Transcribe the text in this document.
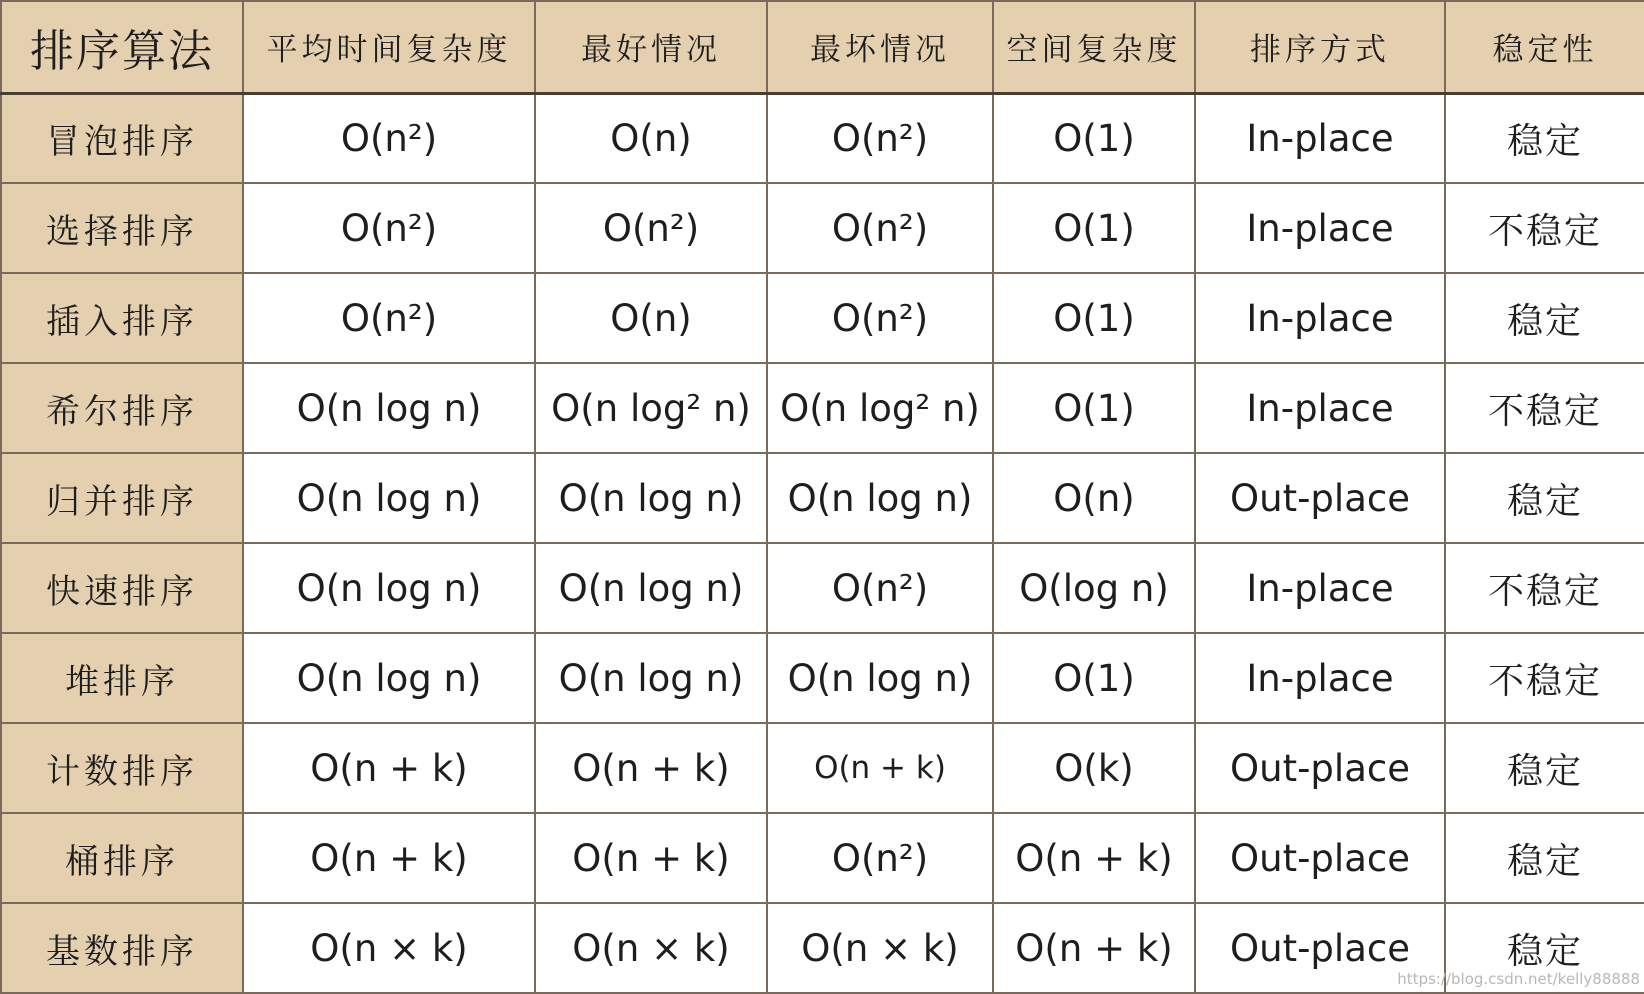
排序算法	平均时间复杂度	最好情况	最坏情况	空间复杂度	排序方式	稳定性
冒泡排序	O(n²)	O(n)	O(n²)	O(1)	In-place	稳定
选择排序	O(n²)	O(n²)	O(n²)	O(1)	In-place	不稳定
插入排序	O(n²)	O(n)	O(n²)	O(1)	In-place	稳定
希尔排序	O(n log n)	O(n log² n)	O(n log² n)	O(1)	In-place	不稳定
归并排序	O(n log n)	O(n log n)	O(n log n)	O(n)	Out-place	稳定
快速排序	O(n log n)	O(n log n)	O(n²)	O(log n)	In-place	不稳定
堆排序	O(n log n)	O(n log n)	O(n log n)	O(1)	In-place	不稳定
计数排序	O(n + k)	O(n + k)	O(n + k)	O(k)	Out-place	稳定
桶排序	O(n + k)	O(n + k)	O(n²)	O(n + k)	Out-place	稳定
基数排序	O(n × k)	O(n × k)	O(n × k)	O(n + k)	Out-place	稳定
https://blog.csdn.net/kelly88888
